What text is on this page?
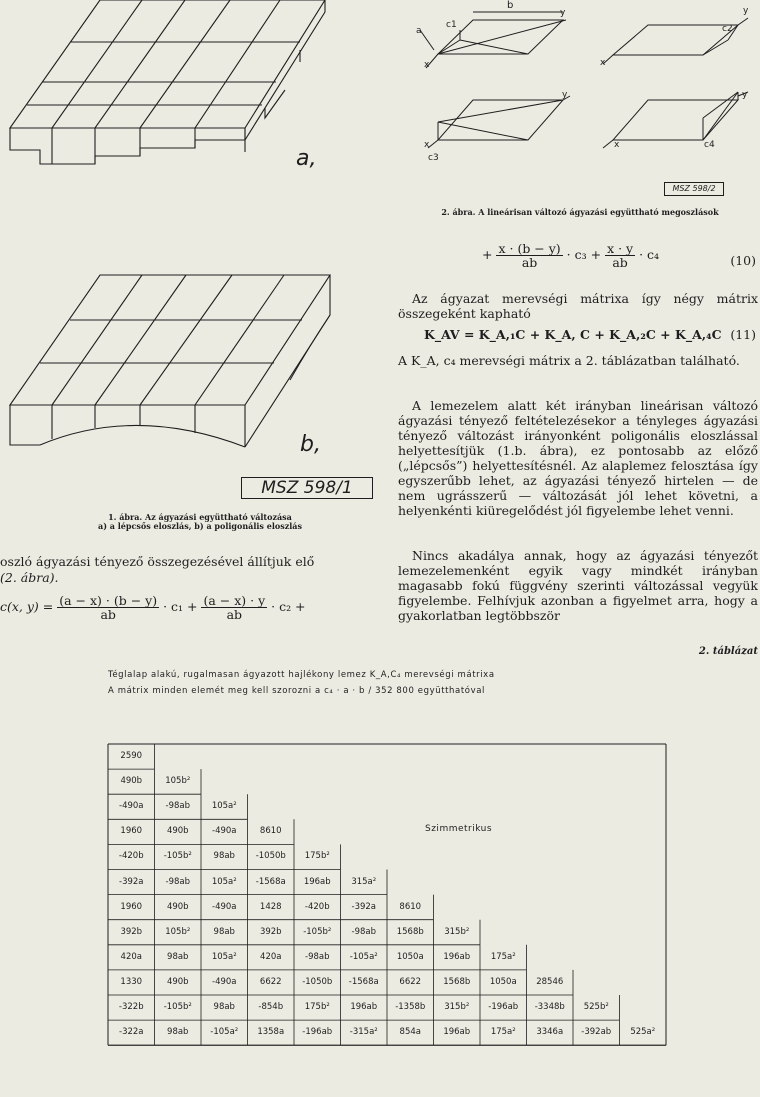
a,
b,
MSZ 598/1
1. ábra. Az ágyazási együttható változása
a) a lépcsős eloszlás, b) a poligonális eloszlás
b
c1
a
y
x
c2
y
x
y
c3
x
y
c4
x
MSZ 598/2
2. ábra. A lineárisan változó ágyazási együttható megoszlások
+ $\frac{x \cdot (b - y)}{ab} \cdot c_3 + \frac{x \cdot y}{ab} \cdot c_4$	(10)
Az ágyazat merevségi mátrixa így négy mátrix összegeként kapható
K_AV = K_A,₁C + K_A, C + K_A,₂C + K_A,₄C (11)
A K_A, c₄ merevségi mátrix a 2. táblázatban található.
A lemezelem alatt két irányban lineárisan változó ágyazási tényező feltételezésekor a tényleges ágyazási tényező változást irányonként poligonális eloszlással helyettesítjük (1.b. ábra), ez pontosabb az előző („lépcsős”) helyettesítésnél. Az alaplemez felosztása így egyszerűbb lehet, az ágyazási tényező hirtelen — de nem ugrásszerű — változását jól lehet követni, a helyenkénti kiüregelődést jól figyelembe lehet venni.
Nincs akadálya annak, hogy az ágyazási tényezőt lemezelemenként egyik vagy mindkét irányban magasabb fokú függvény szerinti változással vegyük figyelembe. Felhívjuk azonban a figyelmet arra, hogy a gyakorlatban legtöbbször
oszló ágyazási tényező összegezésével állítjuk elő
(2. ábra).
c(x, $y) = \frac{(a - x) \cdot (b - y)}{ab} \cdot c_1 + \frac{(a - x) \cdot y}{ab} \cdot c_2$ +
2. táblázat
Téglalap alakú, rugalmasan ágyazott hajlékony lemez K_A,C₄ merevségi mátrixa
A mátrix minden elemét meg kell szorozni a c₄ · a · b / 352 800 együtthatóval
2590
490b	105b²
-490a	-98ab	105a²
1960	490b	-490a	8610
-420b	-105b²	98ab	-1050b	175b²
-392a	-98ab	105a²	-1568a	196ab	315a²
1960	490b	-490a	1428	-420b	-392a	8610
392b	105b²	98ab	392b	-105b²	-98ab	1568b	315b²
420a	98ab	105a²	420a	-98ab	-105a²	1050a	196ab	175a²
1330	490b	-490a	6622	-1050b	-1568a	6622	1568b	1050a	28546
-322b	-105b²	98ab	-854b	175b²	196ab	-1358b	315b²	-196ab	-3348b	525b²
-322a	98ab	-105a²	1358a	-196ab	-315a²	854a	196ab	175a²	3346a	-392ab	525a²
Szimmetrikus
